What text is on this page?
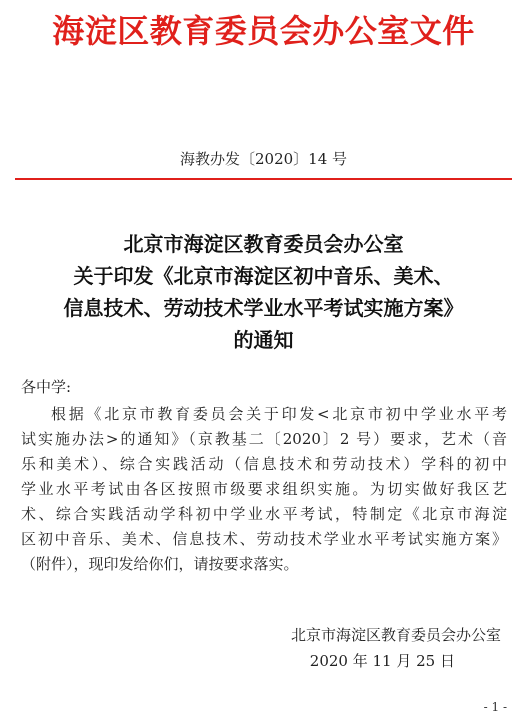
海淀区教育委员会办公室文件
海教办发〔2020〕14 号
北京市海淀区教育委员会办公室
关于印发《北京市海淀区初中音乐、美术、
信息技术、劳动技术学业水平考试实施方案》
的通知
各中学:
根据《北京市教育委员会关于印发<北京市初中学业水平考
试实施办法>的通知》（京教基二〔2020〕2 号）要求，艺术（音
乐和美术）、综合实践活动（信息技术和劳动技术）学科的初中
学业水平考试由各区按照市级要求组织实施。为切实做好我区艺
术、综合实践活动学科初中学业水平考试，特制定《北京市海淀
区初中音乐、美术、信息技术、劳动技术学业水平考试实施方案》
（附件），现印发给你们，请按要求落实。
北京市海淀区教育委员会办公室
2020 年 11 月 25 日
- 1 -
